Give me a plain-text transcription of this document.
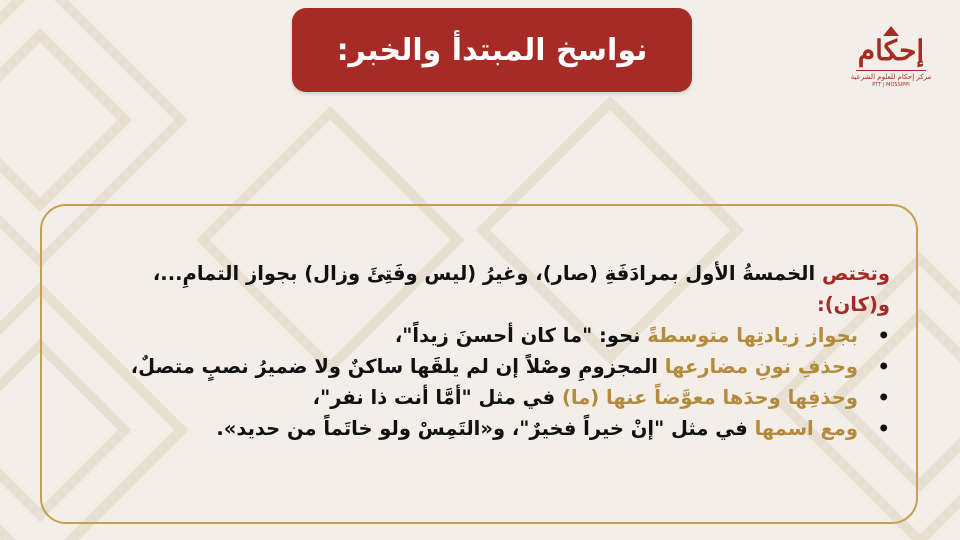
نواسخ المبتدأ والخبر:	إحكام
مركز إحكام للعلوم الشرعية
PTT | MOSSIPPI

وتختص الخمسةُ الأول بمرادَفَةِ (صار)، وغيرُ (ليس وفَتِئَ وزال) بجواز التمامِ...،
و(كان):

• بجواز زيادتِها متوسطةً نحو: "ما كان أحسنَ زيداً"،
• وحذفِ نونِ مضارعها المجزومِ وصْلاً إن لم يلقَها ساكنٌ ولا ضميرُ نصبٍ متصلٌ،
• وحذفِها وحدَها معوَّضاً عنها (ما) في مثل "أمَّا أنت ذا نفر"،
• ومع اسمها في مثل "إنْ خيراً فخيرٌ"، و«التَمِسْ ولو خاتَماً من حديد».
